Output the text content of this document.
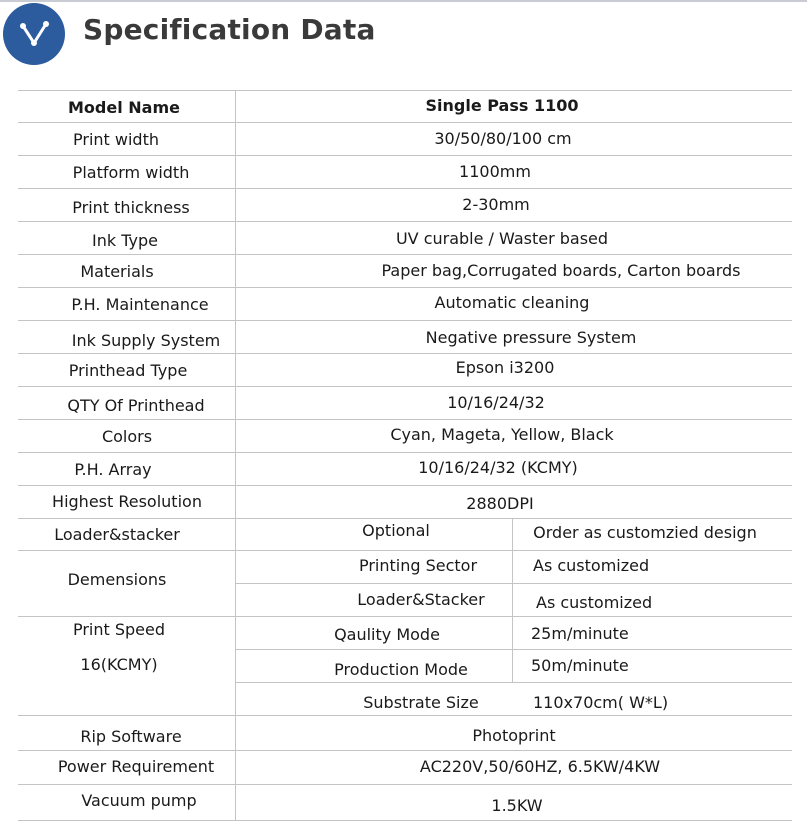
Specification Data
Model Name	Single Pass 1100
Print width	30/50/80/100 cm
Platform width	1100mm
Print thickness	2-30mm
Ink Type	UV curable / Waster based
Materials	Paper bag,Corrugated boards, Carton boards
P.H. Maintenance	Automatic cleaning
Ink Supply System	Negative pressure System
Printhead Type	Epson i3200
QTY Of Printhead	10/16/24/32
Colors	Cyan, Mageta, Yellow, Black
P.H. Array	10/16/24/32 (KCMY)
Highest Resolution	2880DPI
Loader&stacker	Optional	Order as customzied design
Demensions
Printing Sector	As customized
Loader&Stacker	As customized
Print Speed
16(KCMY)
Qaulity Mode	25m/minute
Production Mode	50m/minute
Substrate Size	110x70cm( W*L)
Rip Software	Photoprint
Power Requirement	AC220V,50/60HZ, 6.5KW/4KW
Vacuum pump	1.5KW
